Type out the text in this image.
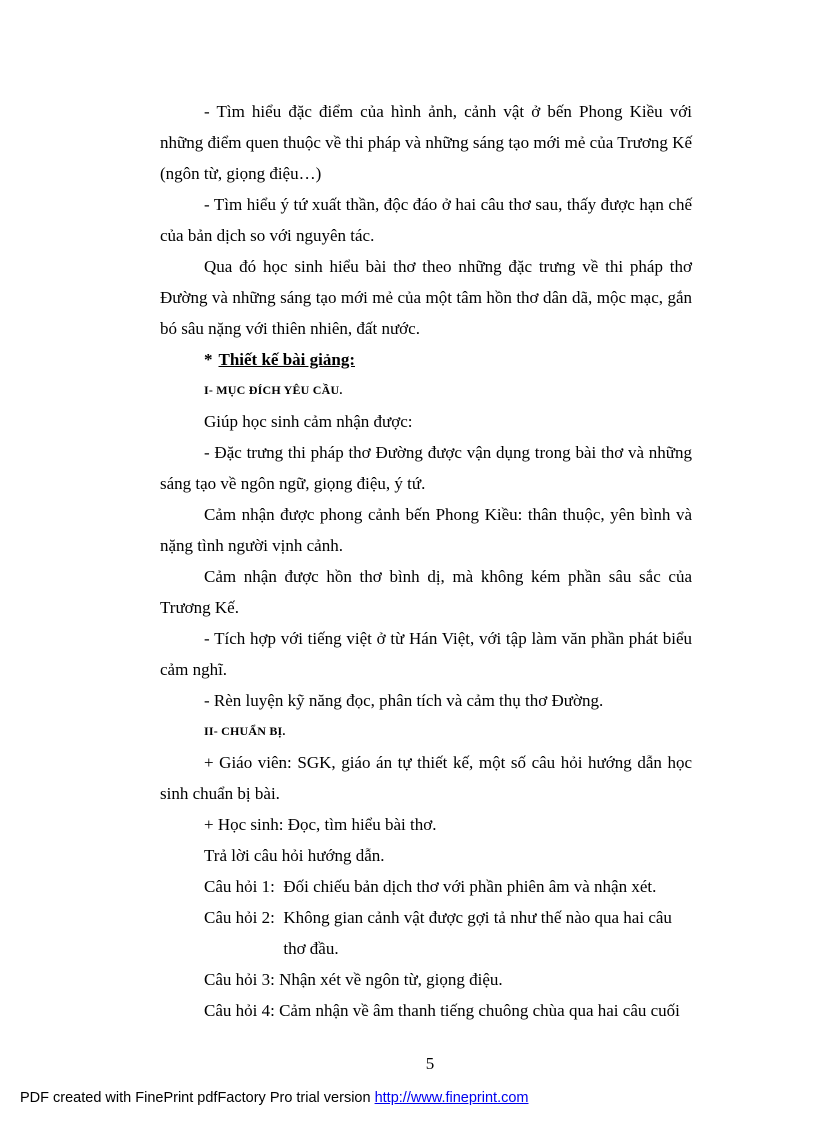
- Tìm hiểu đặc điểm của hình ảnh, cảnh vật ở bến Phong Kiều với những điểm quen thuộc về thi pháp và những sáng tạo mới mẻ của Trương Kế (ngôn từ, giọng điệu…)

- Tìm hiểu ý tứ xuất thần, độc đáo ở hai câu thơ sau, thấy được hạn chế của bản dịch so với nguyên tác.

Qua đó học sinh hiểu bài thơ theo những đặc trưng về thi pháp thơ Đường và những sáng tạo mới mẻ của một tâm hồn thơ dân dã, mộc mạc, gắn bó sâu nặng với thiên nhiên, đất nước.

* Thiết kế bài giảng:

I- MỤC ĐÍCH YÊU CẦU.

Giúp học sinh cảm nhận được:

- Đặc trưng thi pháp thơ Đường được vận dụng trong bài thơ và những sáng tạo về ngôn ngữ, giọng điệu, ý tứ.

Cảm nhận được phong cảnh bến Phong Kiều: thân thuộc, yên bình và nặng tình người vịnh cảnh.

Cảm nhận được hồn thơ bình dị, mà không kém phần sâu sắc của Trương Kế.

- Tích hợp với tiếng việt ở từ Hán Việt, với tập làm văn phần phát biểu cảm nghĩ.

- Rèn luyện kỹ năng đọc, phân tích và cảm thụ thơ Đường.

II- CHUẨN BỊ.

+ Giáo viên: SGK, giáo án tự thiết kế, một số câu hỏi hướng dẫn học sinh chuẩn bị bài.

+ Học sinh: Đọc, tìm hiểu bài thơ.

Trả lời câu hỏi hướng dẫn.

Câu hỏi 1: Đối chiếu bản dịch thơ với phần phiên âm và nhận xét.
Câu hỏi 2: Không gian cảnh vật được gợi tả như thế nào qua hai câu thơ đầu.
Câu hỏi 3: Nhận xét về ngôn từ, giọng điệu.
Câu hỏi 4: Cảm nhận về âm thanh tiếng chuông chùa qua hai câu cuối
5
PDF created with FinePrint pdfFactory Pro trial version http://www.fineprint.com
